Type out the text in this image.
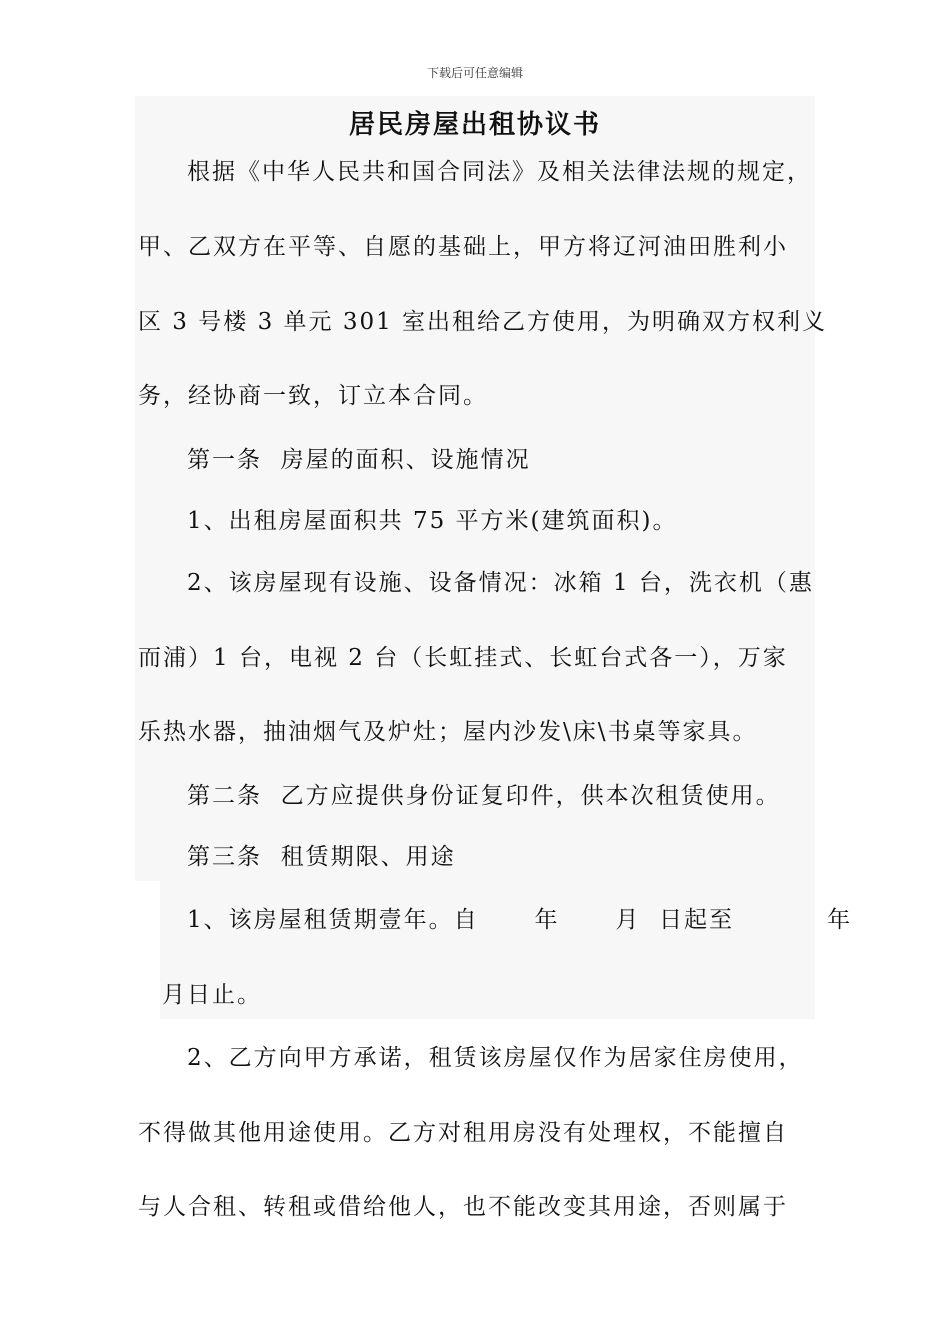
下载后可任意编辑
居民房屋出租协议书
根据《中华人民共和国合同法》及相关法律法规的规定，
甲、乙双方在平等、自愿的基础上，甲方将辽河油田胜利小
区 3 号楼 3 单元 301 室出租给乙方使用，为明确双方权利义
务，经协商一致，订立本合同。
第一条  房屋的面积、设施情况
1、出租房屋面积共 75 平方米(建筑面积)。
2、该房屋现有设施、设备情况：冰箱 1 台，洗衣机（惠
而浦）1 台，电视 2 台（长虹挂式、长虹台式各一），万家
乐热水器，抽油烟气及炉灶；屋内沙发\床\书桌等家具。
第二条  乙方应提供身份证复印件，供本次租赁使用。
第三条  租赁期限、用途
1、该房屋租赁期壹年。自      年      月  日起至          年
月日止。
2、乙方向甲方承诺，租赁该房屋仅作为居家住房使用，
不得做其他用途使用。乙方对租用房没有处理权，不能擅自
与人合租、转租或借给他人，也不能改变其用途，否则属于
